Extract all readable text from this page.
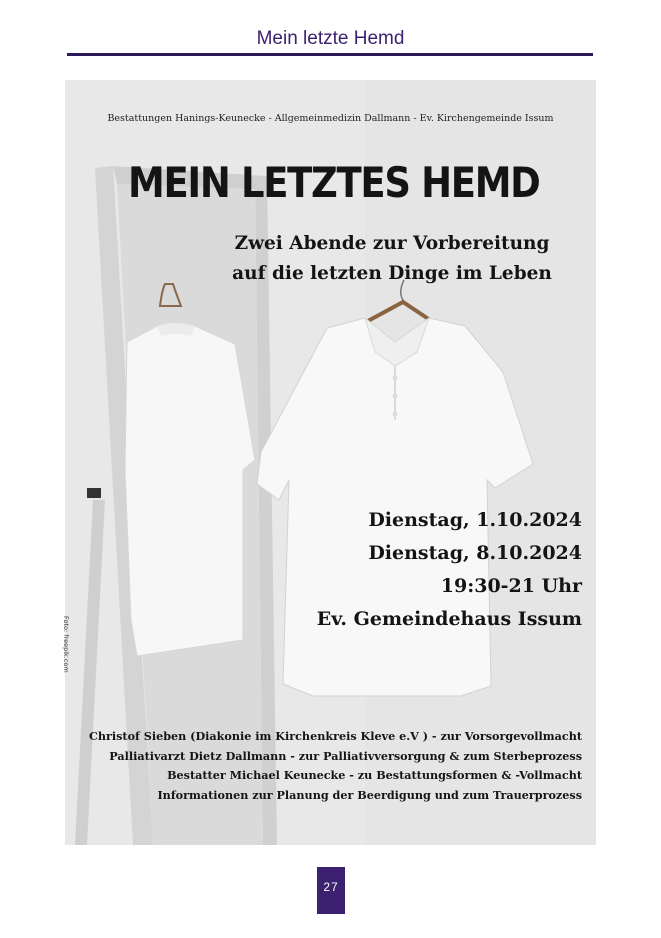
Mein letzte Hemd
Bestattungen Hanings-Keunecke - Allgemeinmedizin Dallmann - Ev. Kirchengemeinde Issum
MEIN LETZTES HEMD
Zwei Abende zur Vorbereitung
auf die letzten Dinge im Leben
Dienstag, 1.10.2024
Dienstag, 8.10.2024
19:30-21 Uhr
Ev. Gemeindehaus Issum
Foto: freepik.com
Christof Sieben (Diakonie im Kirchenkreis Kleve e.V ) - zur Vorsorgevollmacht
Palliativarzt Dietz Dallmann - zur Palliativversorgung & zum Sterbeprozess
Bestatter Michael Keunecke - zu Bestattungsformen & -Vollmacht
Informationen zur Planung der Beerdigung und zum Trauerprozess
27
